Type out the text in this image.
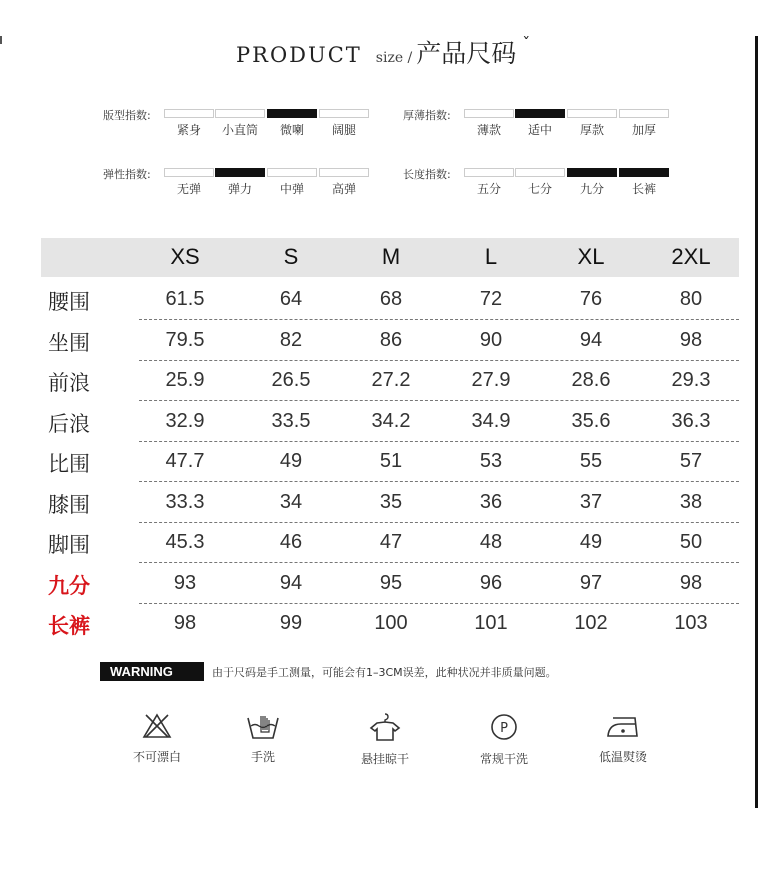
PRODUCT size / 产品尺码 ˇ
版型指数:
紧身	小直筒	微喇	阔腿
厚薄指数:
薄款	适中	厚款	加厚
弹性指数:
无弹	弹力	中弹	高弹
长度指数:
五分	七分	九分	长裤
XS	S	M	L	XL	2XL
腰围	61.5	64	68	72	76	80
坐围	79.5	82	86	90	94	98
前浪	25.9	26.5	27.2	27.9	28.6	29.3
后浪	32.9	33.5	34.2	34.9	35.6	36.3
比围	47.7	49	51	53	55	57
膝围	33.3	34	35	36	37	38
脚围	45.3	46	47	48	49	50
九分	93	94	95	96	97	98
长裤	98	99	100	101	102	103
WARNING	由于尺码是手工测量，可能会有1–3CM误差，此种状况并非质量问题。
不可漂白	手洗	悬挂晾干
P
常规干洗	低温熨烫
